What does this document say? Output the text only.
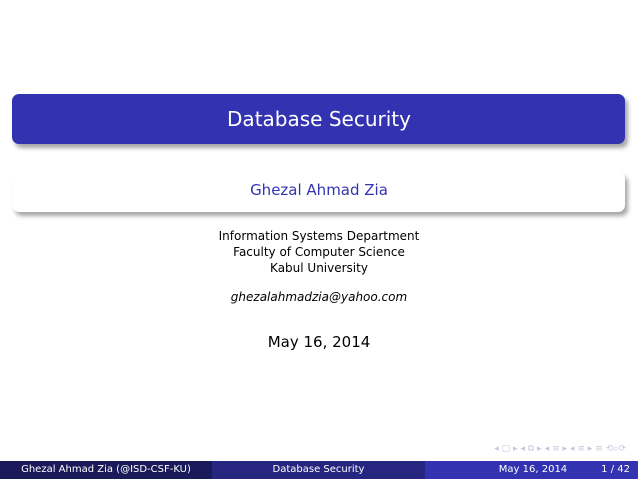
Database Security
Ghezal Ahmad Zia
Information Systems Department
Faculty of Computer Science
Kabul University
ghezalahmadzia@yahoo.com
May 16, 2014
◂ ▢ ▸ ◂ ⧉ ▸ ◂ ≡ ▸ ◂ ≡ ▸ ≡ ⟲⌕⟳
Ghezal Ahmad Zia (@ISD-CSF-KU)	Database Security	May 16, 2014	1 / 42
